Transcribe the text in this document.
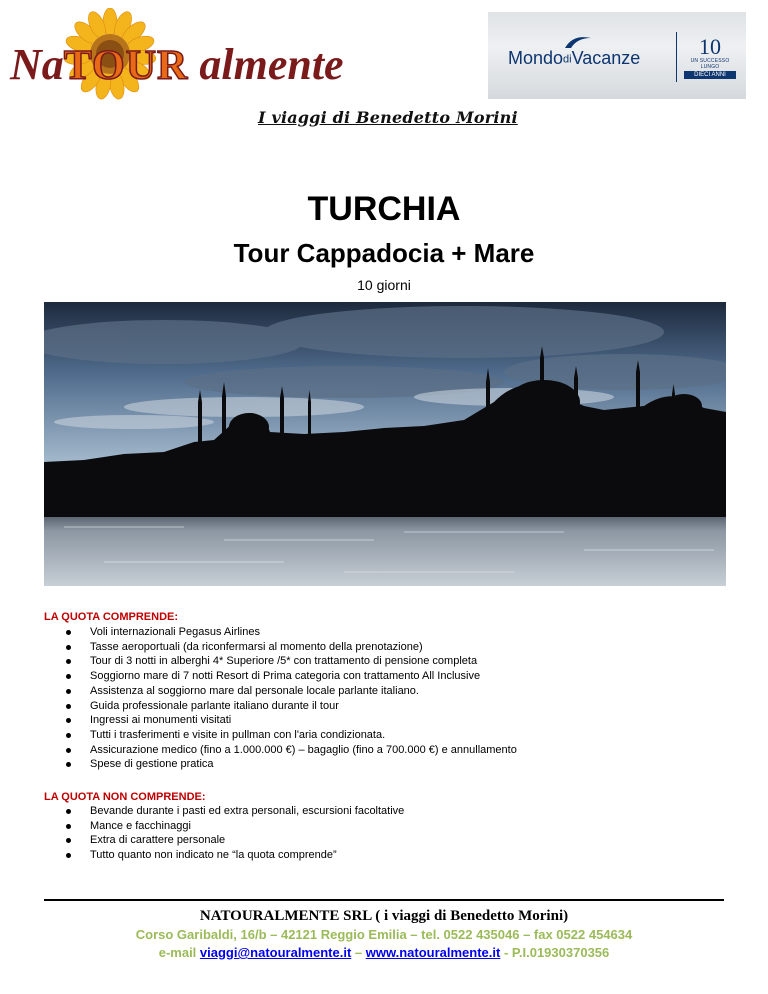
NaTOUR almente
I viaggi di Benedetto Morini
MondodiVacanze	10
UN SUCCESSO LUNGO
DIECI ANNI
TURCHIA
Tour Cappadocia + Mare
10 giorni
LA QUOTA COMPRENDE:
Voli internazionali Pegasus Airlines
Tasse aeroportuali (da riconfermarsi al momento della prenotazione)
Tour di 3 notti in alberghi 4* Superiore /5* con trattamento di pensione completa
Soggiorno mare di 7 notti Resort di Prima categoria con trattamento All Inclusive
Assistenza al soggiorno mare dal personale locale parlante italiano.
Guida professionale parlante italiano durante il tour
Ingressi ai monumenti visitati
Tutti i trasferimenti e visite in pullman con l'aria condizionata.
Assicurazione medico (fino a 1.000.000 €) – bagaglio (fino a 700.000 €) e annullamento
Spese di gestione pratica
LA QUOTA NON COMPRENDE:
Bevande durante i pasti ed extra personali, escursioni facoltative
Mance e facchinaggi
Extra di carattere personale
Tutto quanto non indicato ne “la quota comprende”
NATOURALMENTE SRL ( i viaggi di Benedetto Morini)
Corso Garibaldi, 16/b – 42121 Reggio Emilia – tel. 0522 435046 – fax 0522 454634
e-mail viaggi@natouralmente.it – www.natouralmente.it - P.I.01930370356
